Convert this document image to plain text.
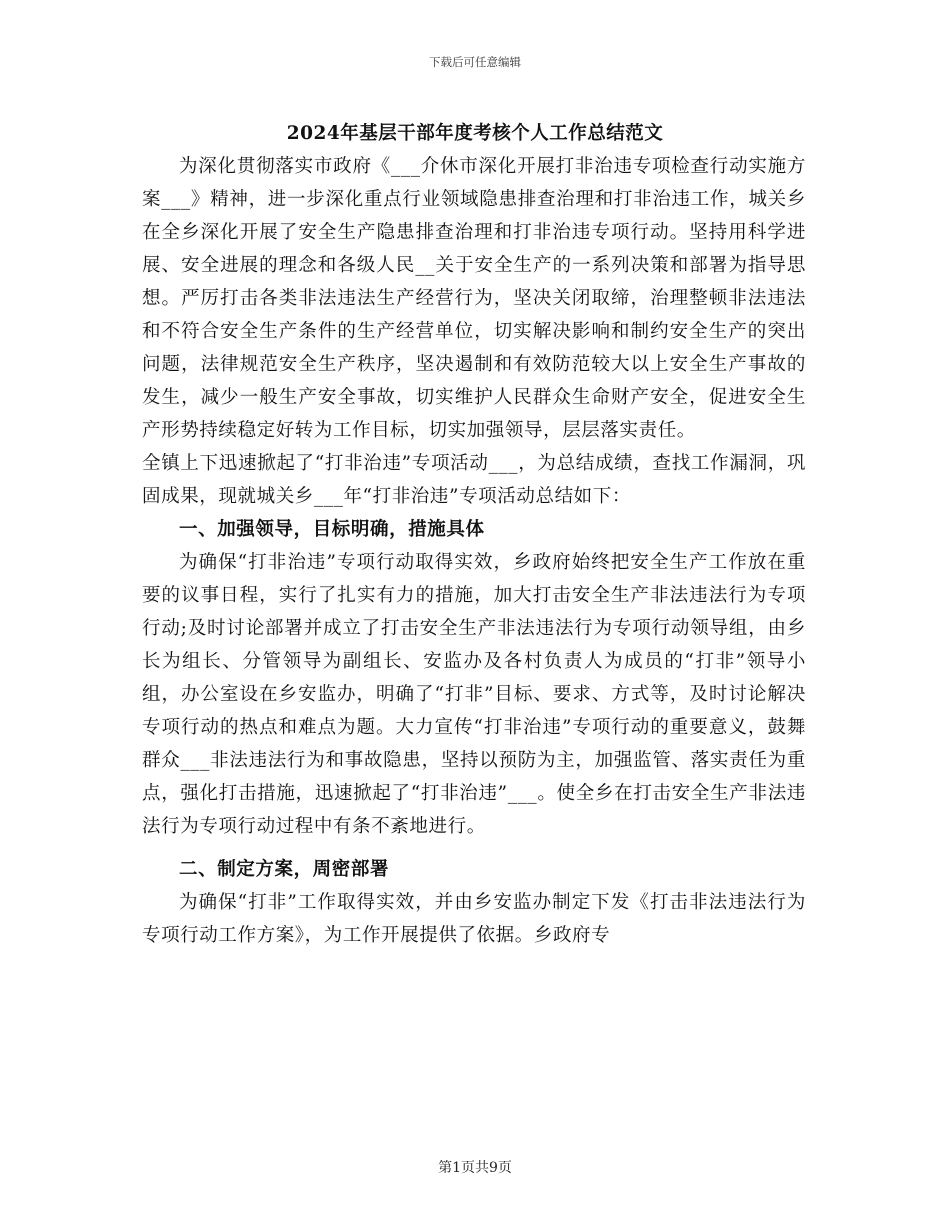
下载后可任意编辑
2024年基层干部年度考核个人工作总结范文

为深化贯彻落实市政府《___介休市深化开展打非治违专项检查行动实施方案___》精神，进一步深化重点行业领域隐患排查治理和打非治违工作，城关乡在全乡深化开展了安全生产隐患排查治理和打非治违专项行动。坚持用科学进展、安全进展的理念和各级人民__关于安全生产的一系列决策和部署为指导思想。严厉打击各类非法违法生产经营行为，坚决关闭取缔，治理整顿非法违法和不符合安全生产条件的生产经营单位，切实解决影响和制约安全生产的突出问题，法律规范安全生产秩序，坚决遏制和有效防范较大以上安全生产事故的发生，减少一般生产安全事故，切实维护人民群众生命财产安全，促进安全生产形势持续稳定好转为工作目标，切实加强领导，层层落实责任。

全镇上下迅速掀起了“打非治违”专项活动___，为总结成绩，查找工作漏洞，巩固成果，现就城关乡___年“打非治违”专项活动总结如下：

一、加强领导，目标明确，措施具体

为确保“打非治违”专项行动取得实效，乡政府始终把安全生产工作放在重要的议事日程，实行了扎实有力的措施，加大打击安全生产非法违法行为专项行动;及时讨论部署并成立了打击安全生产非法违法行为专项行动领导组，由乡长为组长、分管领导为副组长、安监办及各村负责人为成员的“打非”领导小组，办公室设在乡安监办，明确了“打非”目标、要求、方式等，及时讨论解决专项行动的热点和难点为题。大力宣传“打非治违”专项行动的重要意义，鼓舞群众___非法违法行为和事故隐患，坚持以预防为主，加强监管、落实责任为重点，强化打击措施，迅速掀起了“打非治违”___。使全乡在打击安全生产非法违法行为专项行动过程中有条不紊地进行。

二、制定方案，周密部署

为确保“打非”工作取得实效，并由乡安监办制定下发《打击非法违法行为专项行动工作方案》，为工作开展提供了依据。乡政府专

第1页共9页
